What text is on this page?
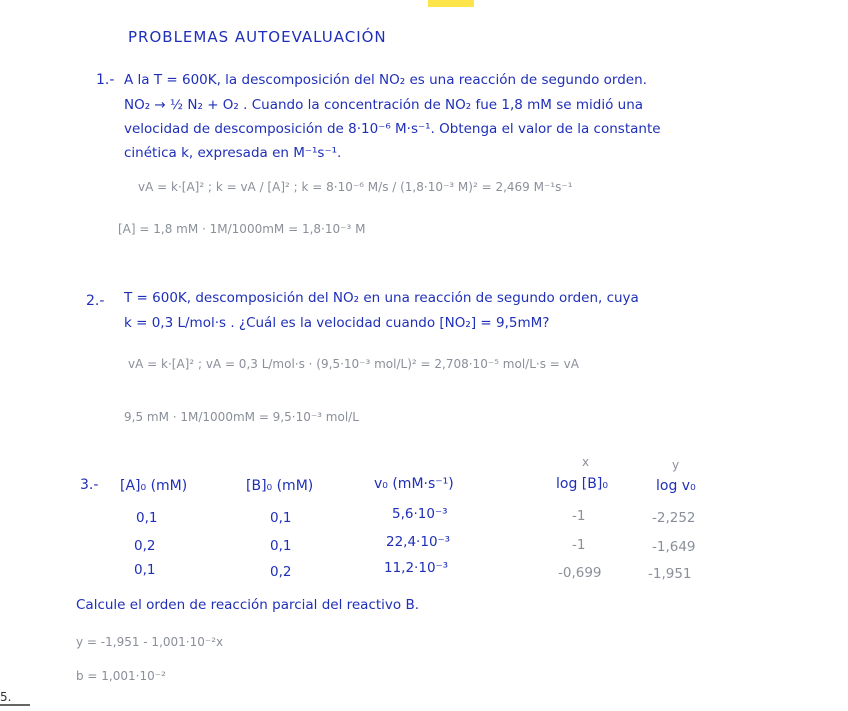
PROBLEMAS AUTOEVALUACIÓN
1.- A la T = 600K, la descomposición del NO₂ es una reacción de segundo orden.
NO₂ → ½ N₂ + O₂ . Cuando la concentración de NO₂ fue 1,8 mM se midió una
velocidad de descomposición de 8·10⁻⁶ M·s⁻¹. Obtenga el valor de la constante
cinética k, expresada en M⁻¹s⁻¹.
vA = k·[A]² ; k = vA / [A]² ; k = 8·10⁻⁶ M/s / (1,8·10⁻³ M)² = 2,469 M⁻¹s⁻¹
[A] = 1,8 mM · 1M/1000mM = 1,8·10⁻³ M
2.- T = 600K, descomposición del NO₂ en una reacción de segundo orden, cuya
k = 0,3 L/mol·s . ¿Cuál es la velocidad cuando [NO₂] = 9,5mM?
vA = k·[A]² ; vA = 0,3 L/mol·s · (9,5·10⁻³ mol/L)² = 2,708·10⁻⁵ mol/L·s = vA
9,5 mM · 1M/1000mM = 9,5·10⁻³ mol/L
3.-
x	y
[A]₀ (mM)	[B]₀ (mM)	v₀ (mM·s⁻¹)	log [B]₀	log v₀
0,1	0,1	5,6·10⁻³	-1	-2,252
0,2	0,1	22,4·10⁻³	-1	-1,649
0,1	0,2	11,2·10⁻³	-0,699	-1,951
Calcule el orden de reacción parcial del reactivo B.
y = -1,951 - 1,001·10⁻²x
b = 1,001·10⁻²
5.
